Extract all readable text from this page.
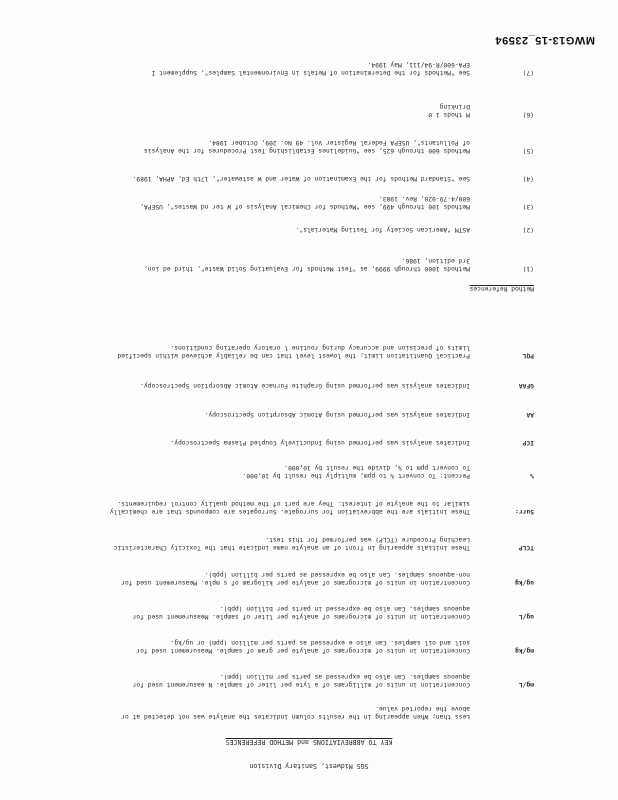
MWG13-15_23594
SGS Midwest, Sanitary Division
KEY TO ABBREVIATIONS and METHOD REFERENCES

Less than; When appearing in the results column indicates the analyte was not detected at or

above the reported value.

mg/L

Concentration in units of milligrams of a lyte per liter of sample. N easurement used for

aqueous samples. Can also be expressed as parts per million (ppm).

mg/kg

Concentration in units of micrograms of analyte per gram of sample. Measurement used for

soil and oil samples. Can also e expressed as parts per million (ppm) or ug/kg.

ug/L

Concentration in units of micrograms of analyte per liter of sample. Measurement used for

aqueous samples. Can also be expressed in parts per billion (ppb).

ug/kg

Concentration in units of micrograms of analyte per kilogram of s mple. Measurement used for

non-aqueous samples. Can also be expressed as parts per billion (ppb).

TCLP

These initials appearing in front of an analyte name indicate that the Toxicity Characteristic

Leaching Procedure (TCLP) was performed for this test.

Surr:

These initials are the abbreviation for surrogate. Surrogates are compounds that are chemically

similar to the analyte of interest. They are part of the method quality control requirements.

%

Percent: To convert % to ppm, multiply the result by 10,000.

To convert ppm to %, divide the result by 10,000.

ICP

Indicates analysis was performed using Inductively Coupled Plasma Spectroscopy.

AA

Indicates analysis was performed using Atomic Absorption Spectroscopy.

GFAA

Indicates analysis was performed using Graphite Furnace Atomic Absorption Spectroscopy.

PQL

Practical Quantitation Limit; the lowest level that can be reliably achieved within specified

limits of precision and accuracy during routine l oratory operating conditions.

Method References
(1)

Methods 1000 through 9999, as "Test Methods for Evaluating Solid Waste", third ed ion,

3rd edition, 1986.

(2)

ASTM "American Society for Testing Materials".

(3)

Methods 100 through 499, see "Methods for Chemical Analysis of W ter nd Wastes", USEPA,

600/4-79-020, Rev. 1983.

(4)

See "Standard Methods for the Examination of Water and W astewater", 17th Ed, APHA, 1989.

(5)

Methods 600 through 625, see "Guidelines Establishing Test Procedures for the Analysis

of Pollutants", USEPA Federal Register Vol. 49 No. 209, October 1984.

(6)

M thods 1 0

Drinking

(7)

See "Methods for the Determination of Metals in Environmental Samples", Supplement I

EPA-600/R-94/111, May 1994.
